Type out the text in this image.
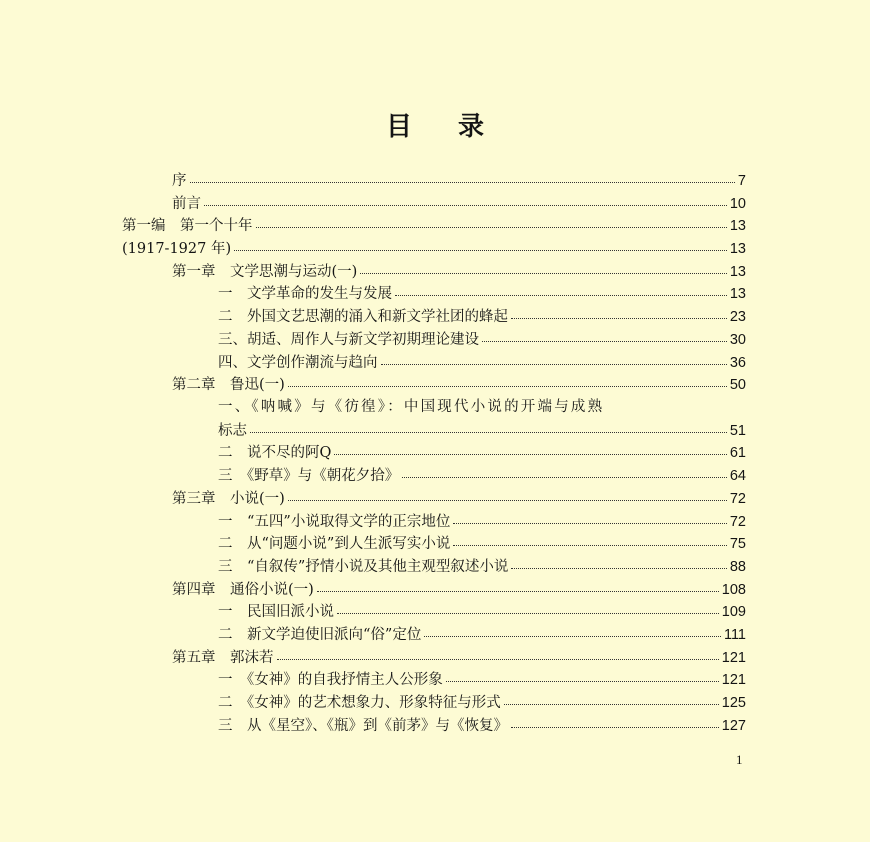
目 录
序	7
前言	10
第一编　第一个十年	13
(1917-1927 年)	13
第一章　文学思潮与运动(一)	13
一　文学革命的发生与发展	13
二　外国文艺思潮的涌入和新文学社团的蜂起	23
三、胡适、周作人与新文学初期理论建设	30
四、文学创作潮流与趋向	36
第二章　鲁迅(一)	50
一、《呐喊》与《彷徨》：中国现代小说的开端与成熟
标志	51
二　说不尽的阿Q	61
三　《野草》与《朝花夕拾》	64
第三章　小说(一)	72
一　“五四”小说取得文学的正宗地位	72
二　从“问题小说”到人生派写实小说	75
三　“自叙传”抒情小说及其他主观型叙述小说	88
第四章　通俗小说(一)	108
一　民国旧派小说	109
二　新文学迫使旧派向“俗”定位	111
第五章　郭沫若	121
一　《女神》的自我抒情主人公形象	121
二　《女神》的艺术想象力、形象特征与形式	125
三　从《星空》、《瓶》到《前茅》与《恢复》	127
1
